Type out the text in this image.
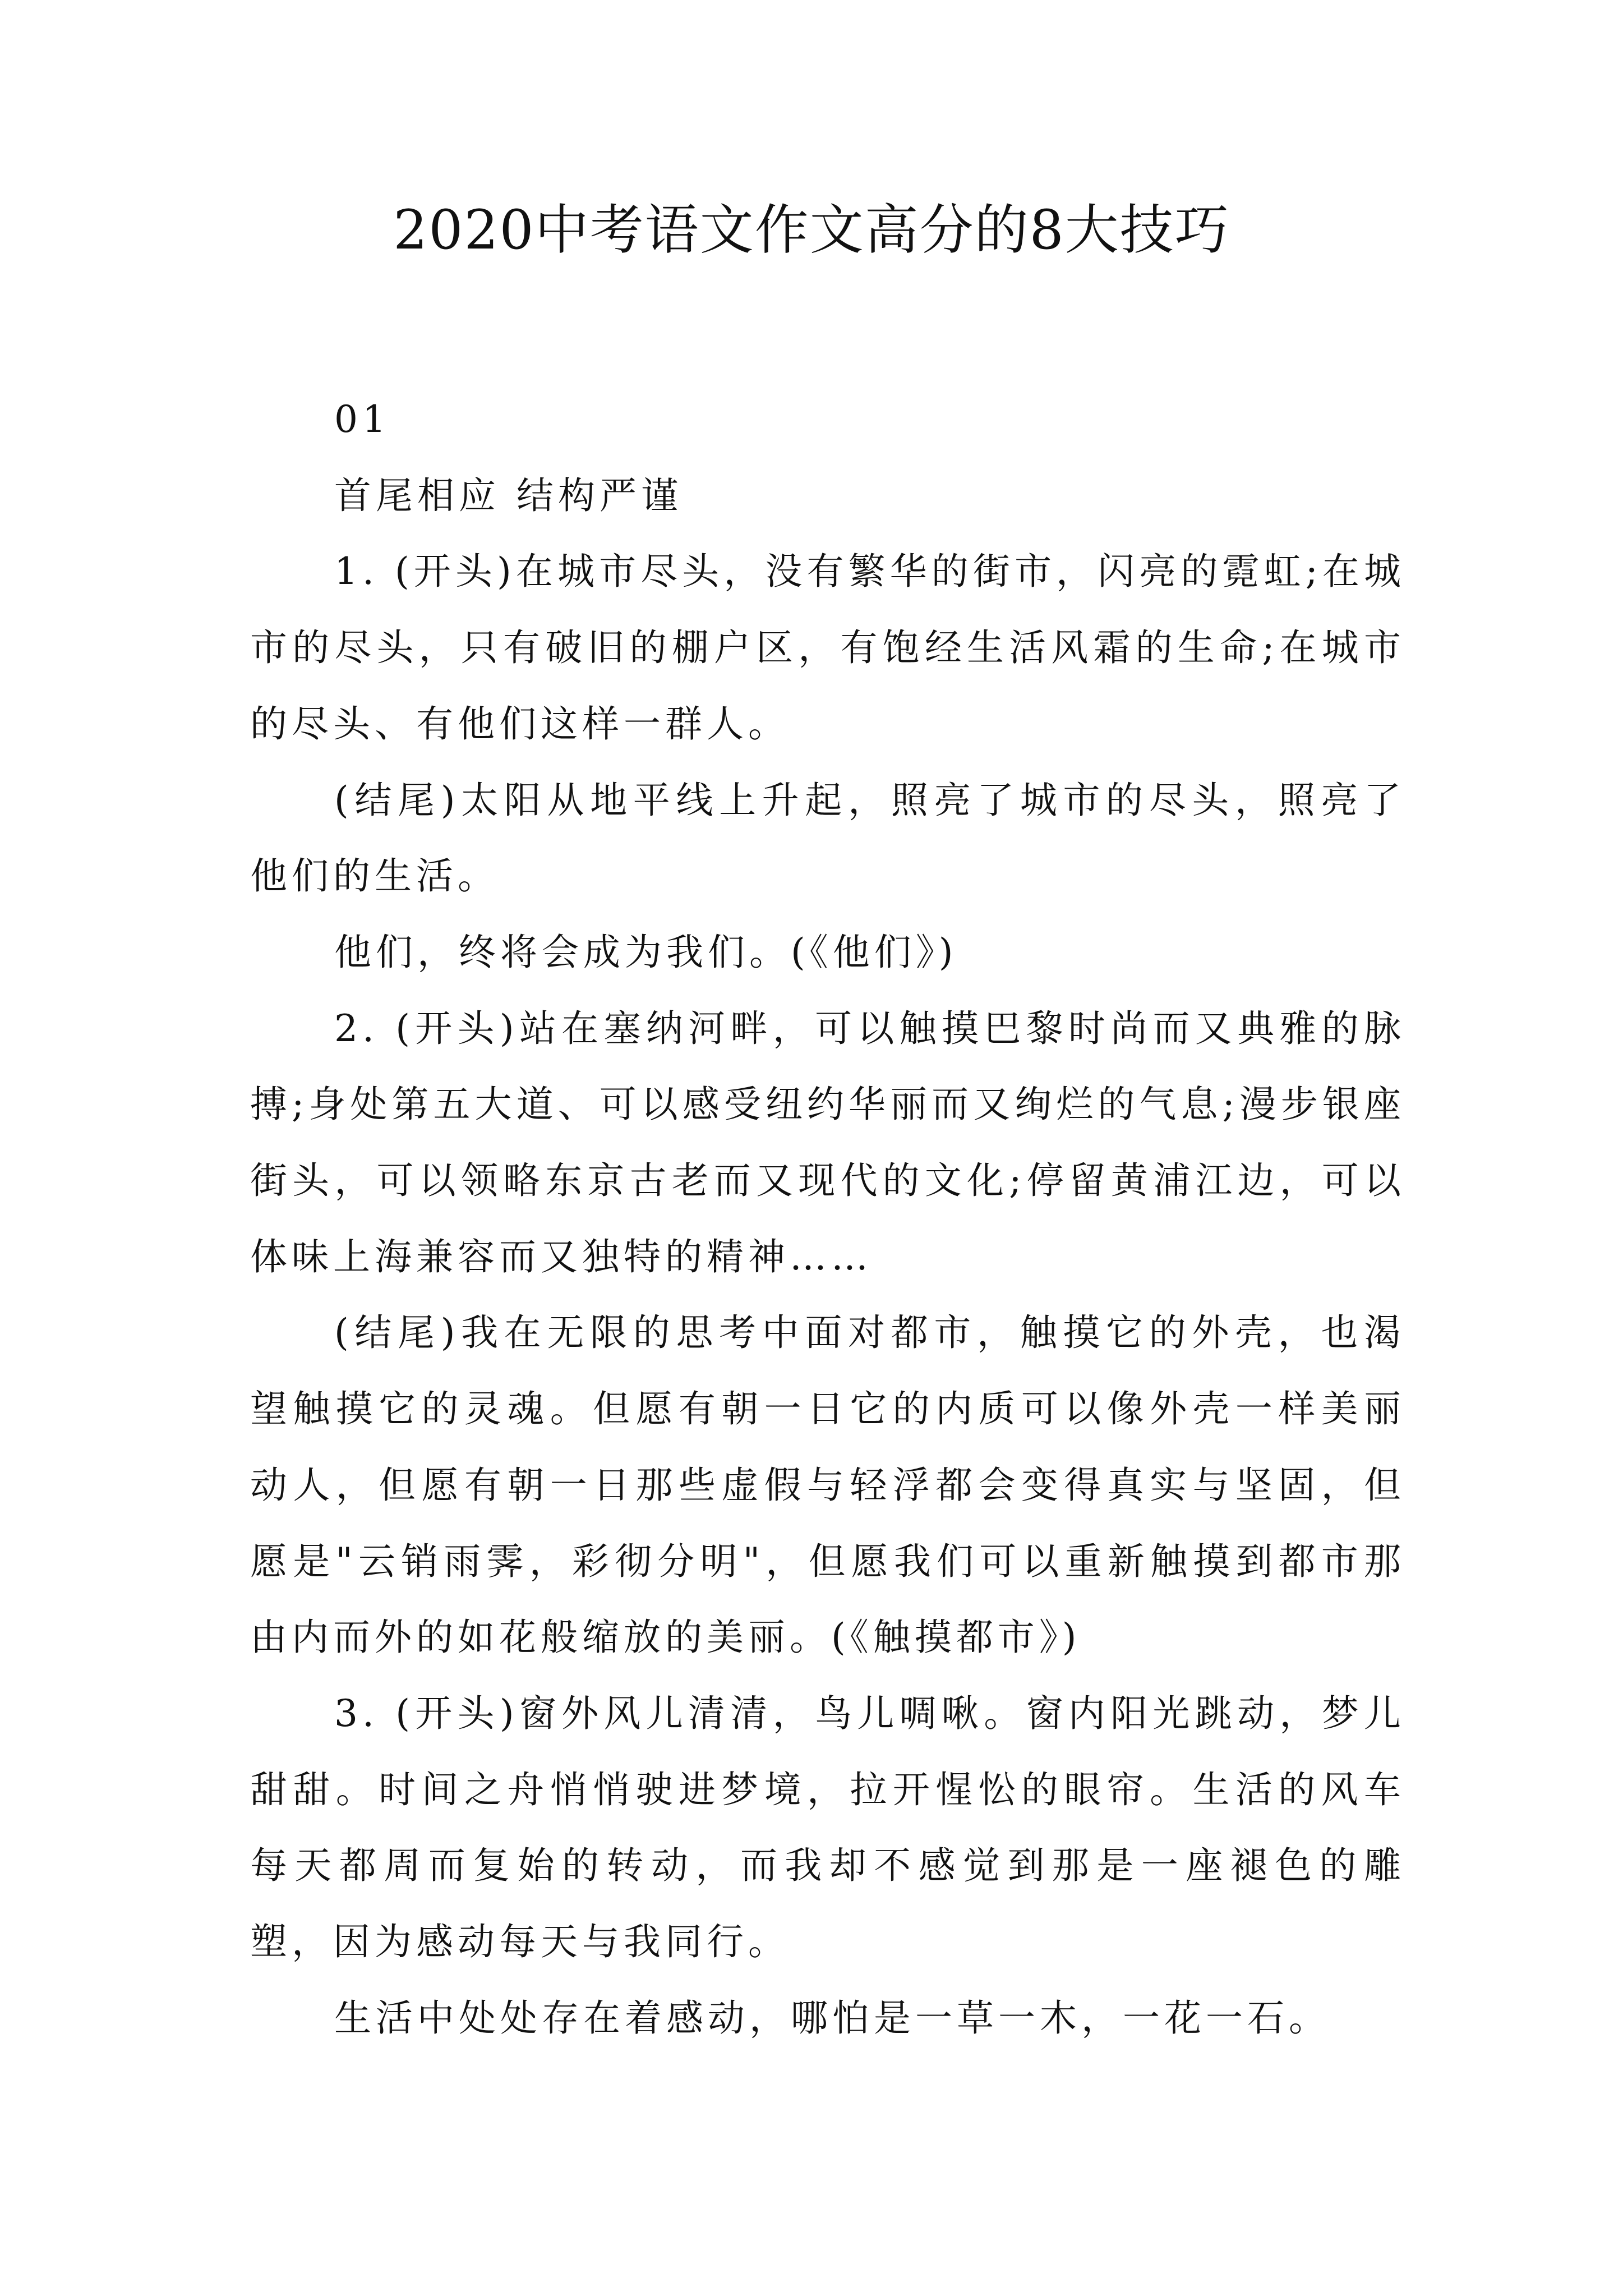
2020中考语文作文高分的8大技巧

01

首尾相应 结构严谨

1. (开头)在城市尽头，没有繁华的街市，闪亮的霓虹;在城市的尽头，只有破旧的棚户区，有饱经生活风霜的生命;在城市的尽头、有他们这样一群人。

(结尾)太阳从地平线上升起，照亮了城市的尽头，照亮了他们的生活。

他们，终将会成为我们。(《他们》)

2. (开头)站在塞纳河畔，可以触摸巴黎时尚而又典雅的脉搏;身处第五大道、可以感受纽约华丽而又绚烂的气息;漫步银座街头，可以领略东京古老而又现代的文化;停留黄浦江边，可以体味上海兼容而又独特的精神……

(结尾)我在无限的思考中面对都市，触摸它的外壳，也渴望触摸它的灵魂。但愿有朝一日它的内质可以像外壳一样美丽动人，但愿有朝一日那些虚假与轻浮都会变得真实与坚固，但愿是"云销雨霁，彩彻分明"，但愿我们可以重新触摸到都市那由内而外的如花般缩放的美丽。(《触摸都市》)

3. (开头)窗外风儿清清，鸟儿啁啾。窗内阳光跳动，梦儿甜甜。时间之舟悄悄驶进梦境，拉开惺忪的眼帘。生活的风车每天都周而复始的转动，而我却不感觉到那是一座褪色的雕塑，因为感动每天与我同行。

生活中处处存在着感动，哪怕是一草一木，一花一石。
